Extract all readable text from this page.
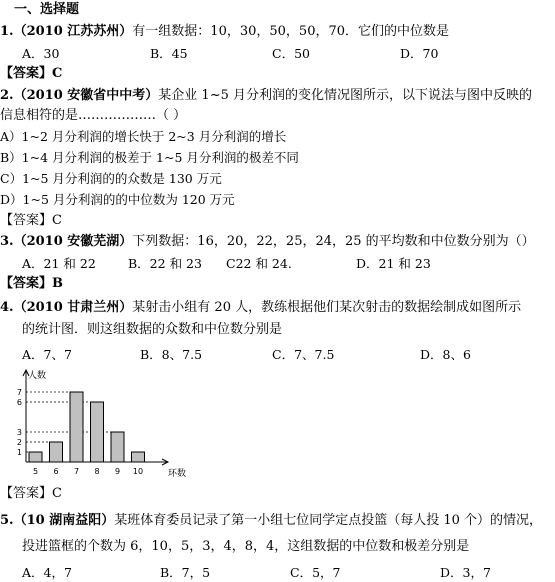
一、选择题
1.（2010 江苏苏州）有一组数据：10，30，50，50，70．它们的中位数是
A．30	B．45	C．50	D．70
【答案】C
2.（2010 安徽省中中考）某企业 1~5 月分利润的变化情况图所示，以下说法与图中反映的
信息相符的是………………（ ）
A）1~2 月分利润的增长快于 2~3 月分利润的增长
B）1~4 月分利润的极差于 1~5 月分利润的极差不同
C）1~5 月分利润的的众数是 130 万元
D）1~5 月分利润的的中位数为 120 万元
【答案】C
3.（2010 安徽芜湖）下列数据：16，20，22，25，24，25 的平均数和中位数分别为（）
A．21 和 22	B．22 和 23 C22 和 24.	D．21 和 23
【答案】B
4.（2010 甘肃兰州）某射击小组有 20 人，教练根据他们某次射击的数据绘制成如图所示
的统计图．则这组数据的众数和中位数分别是
A．7、7	B．8、7.5	C．7、7.5	D．8、6
1
2
3
6
7
5 6 7 8 9 10
人数
环数
【答案】C
5.（10 湖南益阳）某班体育委员记录了第一小组七位同学定点投篮（每人投 10 个）的情况，
投进篮框的个数为 6，10，5，3，4，8，4，这组数据的中位数和极差分别是
A．4，7	B．7，5	C．5，7	D．3，7
